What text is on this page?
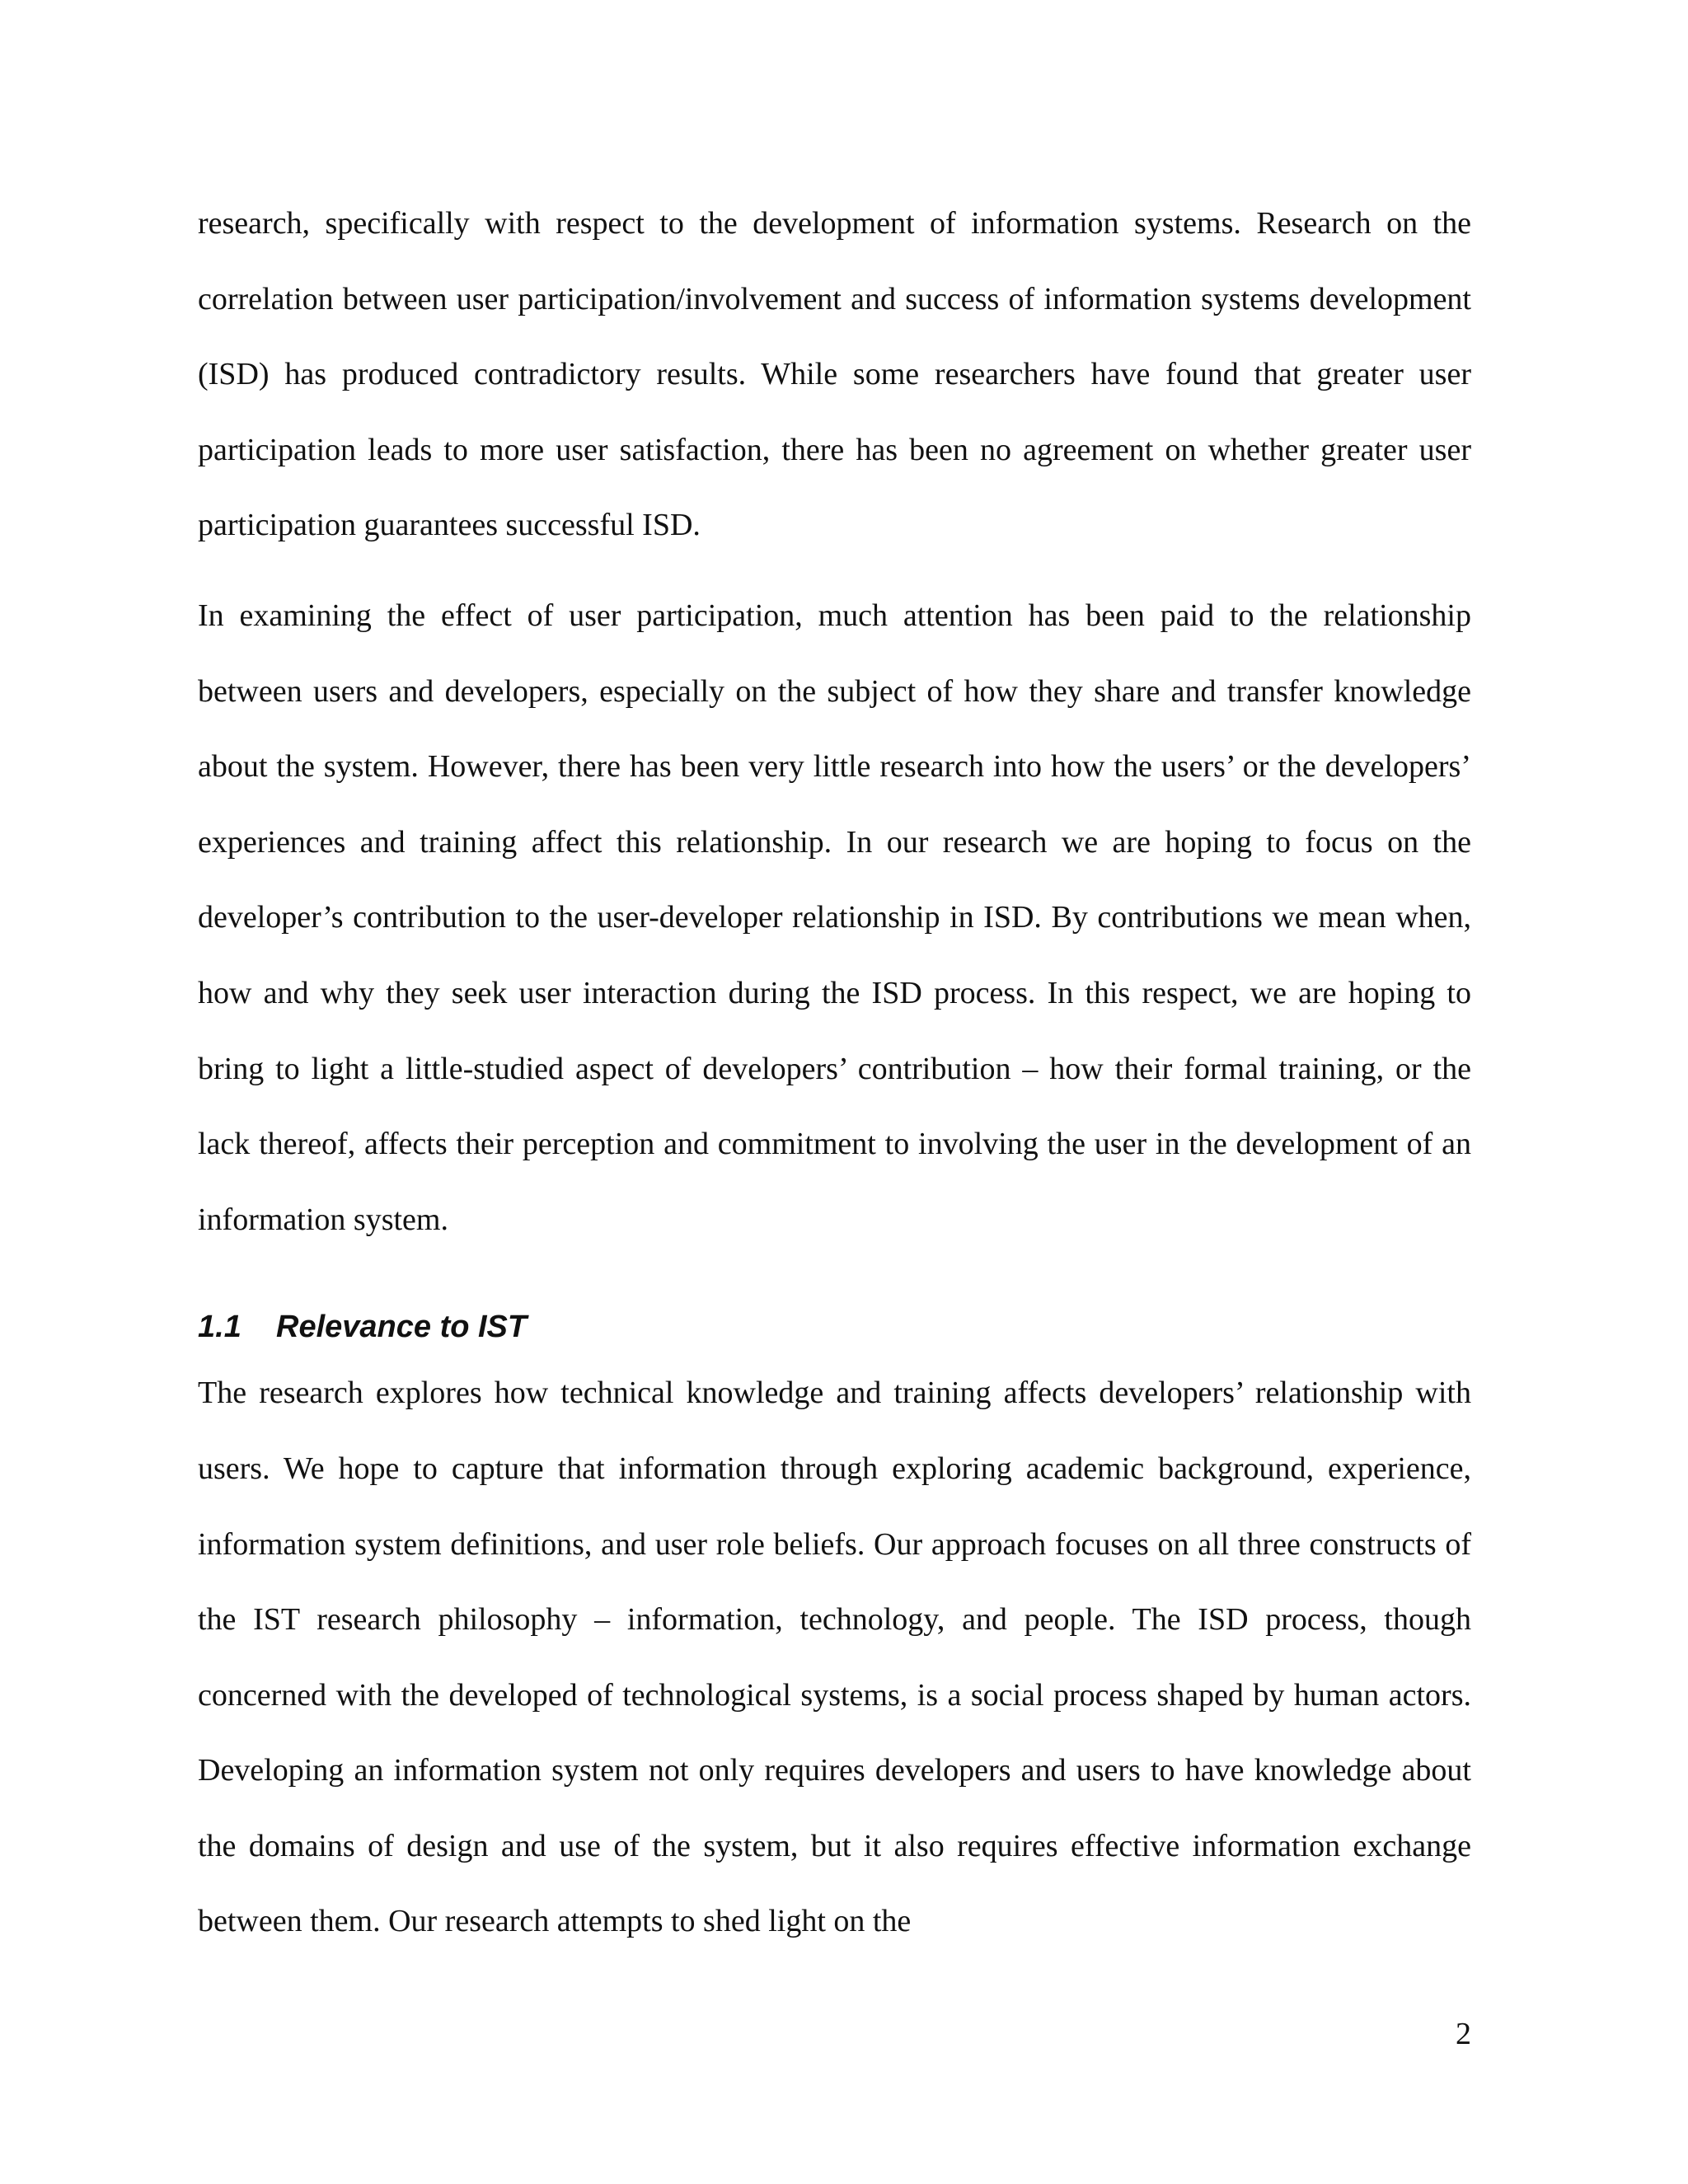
research, specifically with respect to the development of information systems. Research on the correlation between user participation/involvement and success of information systems development (ISD) has produced contradictory results. While some researchers have found that greater user participation leads to more user satisfaction, there has been no agreement on whether greater user participation guarantees successful ISD.

In examining the effect of user participation, much attention has been paid to the relationship between users and developers, especially on the subject of how they share and transfer knowledge about the system. However, there has been very little research into how the users’ or the developers’ experiences and training affect this relationship. In our research we are hoping to focus on the developer’s contribution to the user-developer relationship in ISD. By contributions we mean when, how and why they seek user interaction during the ISD process. In this respect, we are hoping to bring to light a little-studied aspect of developers’ contribution – how their formal training, or the lack thereof, affects their perception and commitment to involving the user in the development of an information system.

1.1	Relevance to IST

The research explores how technical knowledge and training affects developers’ relationship with users. We hope to capture that information through exploring academic background, experience, information system definitions, and user role beliefs. Our approach focuses on all three constructs of the IST research philosophy – information, technology, and people. The ISD process, though concerned with the developed of technological systems, is a social process shaped by human actors. Developing an information system not only requires developers and users to have knowledge about the domains of design and use of the system, but it also requires effective information exchange between them. Our research attempts to shed light on the

2
